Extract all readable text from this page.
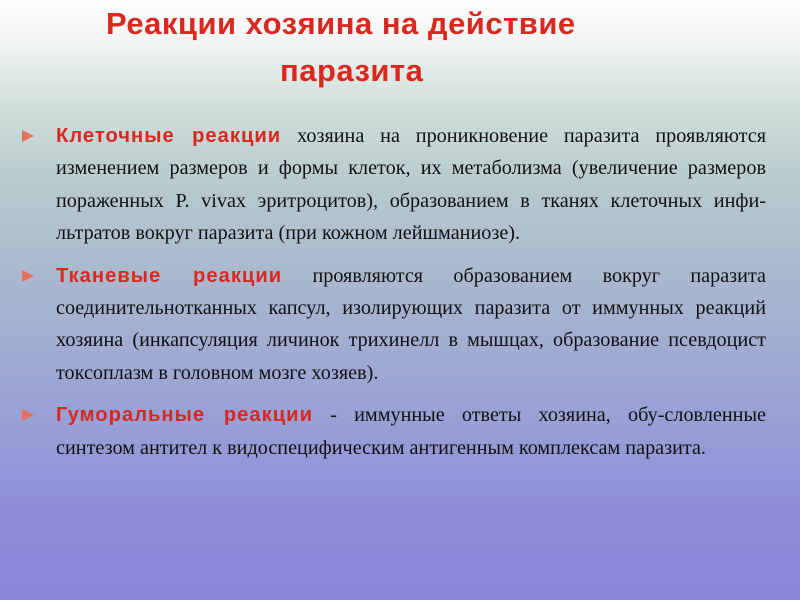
Реакции хозяина на действие
паразита
Клеточные реакции хозяина на проникновение паразита проявляются изменением размеров и формы клеток, их метаболизма (увеличение размеров пораженных P. vivax эритроцитов), образованием в тканях клеточных инфи-льтратов вокруг паразита (при кожном лейшманиозе).
Тканевые реакции проявляются образованием вокруг паразита соединительнотканных капсул, изолирующих паразита от иммунных реакций хозяина (инкапсуляция личинок трихинелл в мышцах, образование псевдоцист токсоплазм в головном мозге хозяев).
Гуморальные реакции - иммунные ответы хозяина, обу-словленные синтезом антител к видоспецифическим антигенным комплексам паразита.
